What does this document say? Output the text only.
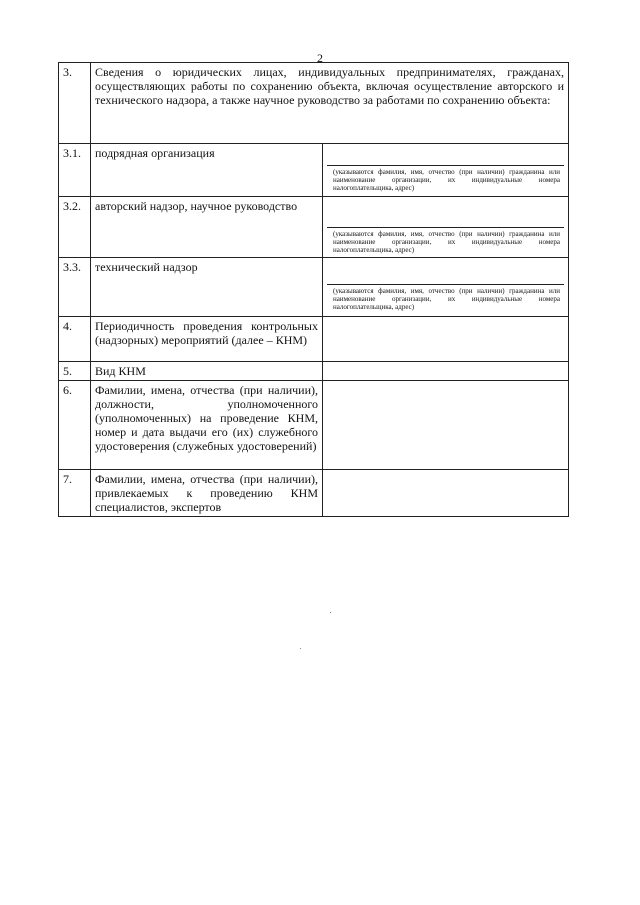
2
3.	Сведения о юридических лицах, индивидуальных предпринимателях, гражданах, осуществляющих работы по сохранению объекта, включая осуществление авторского и технического надзора, а также научное руководство за работами по сохранению объекта:	
3.1.	подрядная организация	(указываются фамилия, имя, отчество (при наличии) гражданина или наименование организации, их индивидуальные номера налогоплательщика, адрес)

3.2.	авторский надзор, научное руководство	(указываются фамилия, имя, отчество (при наличии) гражданина или наименование организации, их индивидуальные номера налогоплательщика, адрес)

3.3.	технический надзор	(указываются фамилия, имя, отчество (при наличии) гражданина или наименование организации, их индивидуальные номера налогоплательщика, адрес)

4.	Периодичность проведения контрольных (надзорных) мероприятий (далее – КНМ)	
5.	Вид КНМ	
6.	Фамилии, имена, отчества (при наличии), должности, уполномоченного (уполномоченных) на проведение КНМ, номер и дата выдачи его (их) служебного удостоверения (служебных удостоверений)	
7.	Фамилии, имена, отчества (при наличии), привлекаемых к проведению КНМ специалистов, экспертов	
